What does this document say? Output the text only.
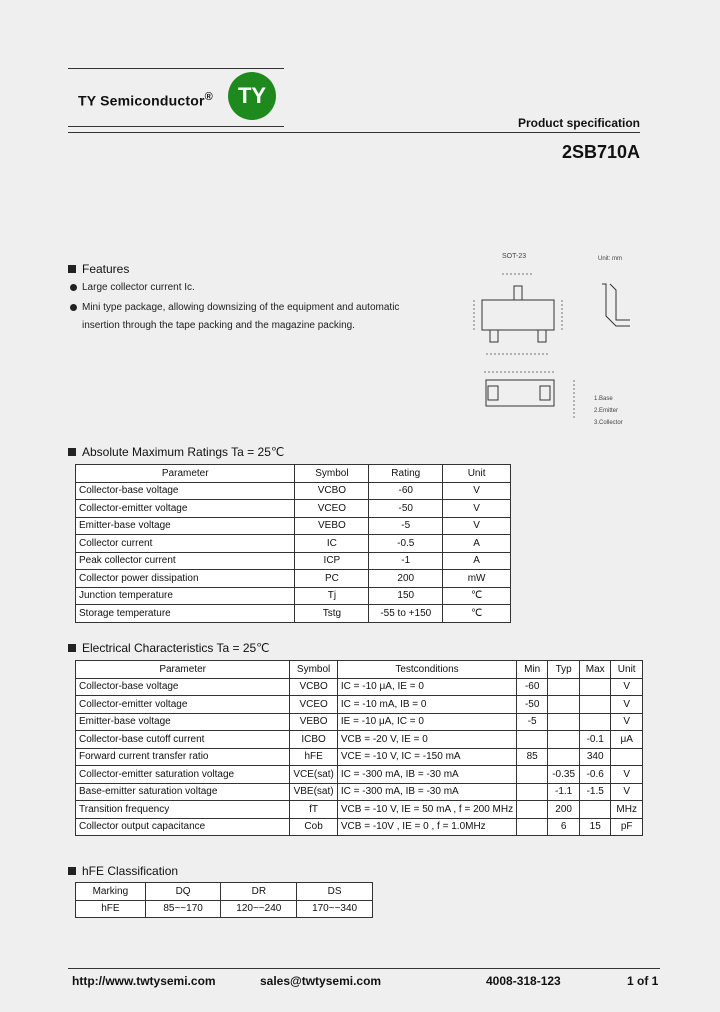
TY Semiconductor®	TY
Product specification
2SB710A
Features
Large collector current Ic.
Mini type package, allowing downsizing of the equipment and automatic
insertion through the tape packing and the magazine packing.
SOT-23	Unit: mm
1.Base
2.Emitter
3.Collector
Absolute Maximum Ratings Ta = 25℃
Parameter	Symbol	Rating	Unit
Collector-base voltage	VCBO	-60	V
Collector-emitter voltage	VCEO	-50	V
Emitter-base voltage	VEBO	-5	V
Collector current	IC	-0.5	A
Peak collector current	ICP	-1	A
Collector power dissipation	PC	200	mW
Junction temperature	Tj	150	℃
Storage temperature	Tstg	-55 to +150	℃
Electrical Characteristics Ta = 25℃
Parameter	Symbol	Testconditions	Min	Typ	Max	Unit
Collector-base voltage	VCBO	IC = -10 μA, IE = 0	-60			V
Collector-emitter voltage	VCEO	IC = -10 mA, IB = 0	-50			V
Emitter-base voltage	VEBO	IE = -10 μA, IC = 0	-5			V
Collector-base cutoff current	ICBO	VCB = -20 V, IE = 0			-0.1	μA
Forward current transfer ratio	hFE	VCE = -10 V, IC = -150 mA	85		340	
Collector-emitter saturation voltage	VCE(sat)	IC = -300 mA, IB = -30 mA		-0.35	-0.6	V
Base-emitter saturation voltage	VBE(sat)	IC = -300 mA, IB = -30 mA		-1.1	-1.5	V
Transition frequency	fT	VCB = -10 V, IE = 50 mA , f = 200 MHz		200		MHz
Collector output capacitance	Cob	VCB = -10V , IE = 0 , f = 1.0MHz		6	15	pF
hFE Classification
Marking	DQ	DR	DS
hFE	85~~170	120~~240	170~~340
http://www.twtysemi.com	sales@twtysemi.com	4008-318-123	1 of 1
